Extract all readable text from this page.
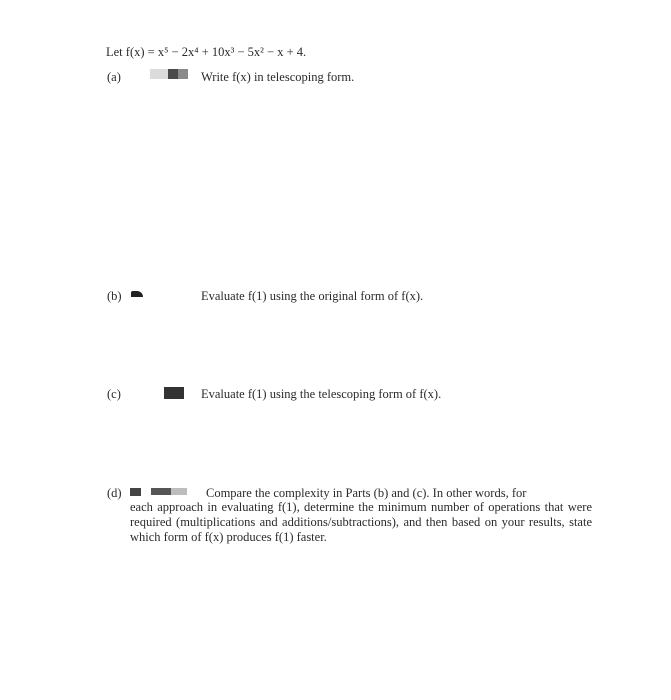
Let f(x) = x⁵ − 2x⁴ + 10x³ − 5x² − x + 4.
(a)	Write f(x) in telescoping form.
(b)	Evaluate f(1) using the original form of f(x).
(c)	Evaluate f(1) using the telescoping form of f(x).
(d)	Compare the complexity in Parts (b) and (c). In other words, for
each approach in evaluating f(1), determine the minimum number of operations that were required (multiplications and additions/subtractions), and then based on your results, state which form of f(x) produces f(1) faster.
